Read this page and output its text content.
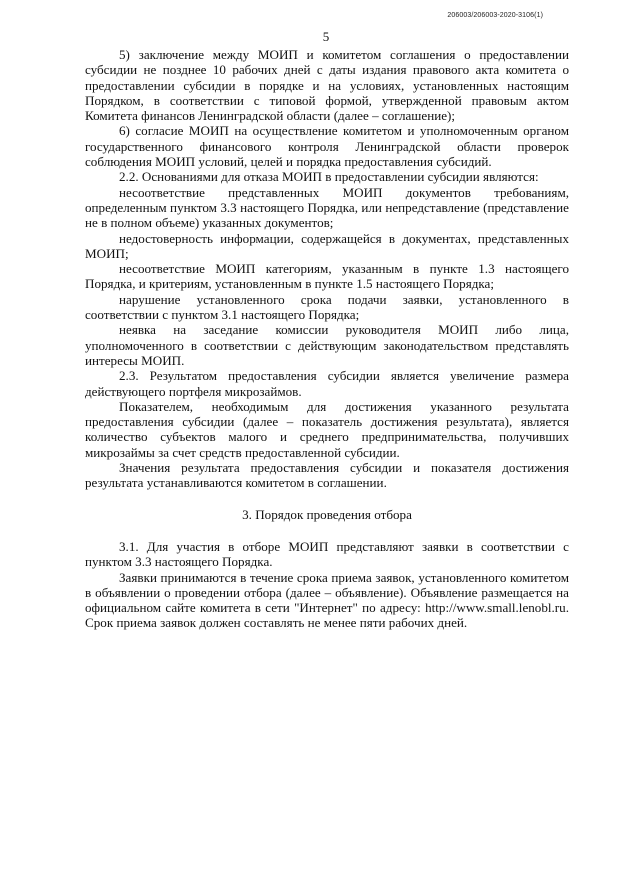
206003/206003-2020-3106(1)
5

5) заключение между МОИП и комитетом соглашения о предоставлении субсидии не позднее 10 рабочих дней с даты издания правового акта комитета о предоставлении субсидии в порядке и на условиях, установленных настоящим Порядком, в соответствии с типовой формой, утвержденной правовым актом Комитета финансов Ленинградской области (далее – соглашение);

6) согласие МОИП на осуществление комитетом и уполномоченным органом государственного финансового контроля Ленинградской области проверок соблюдения МОИП условий, целей и порядка предоставления субсидий.

2.2. Основаниями для отказа МОИП в предоставлении субсидии являются:

несоответствие представленных МОИП документов требованиям, определенным пунктом 3.3 настоящего Порядка, или непредставление (представление не в полном объеме) указанных документов;

недостоверность информации, содержащейся в документах, представленных МОИП;

несоответствие МОИП категориям, указанным в пункте 1.3 настоящего Порядка, и критериям, установленным в пункте 1.5 настоящего Порядка;

нарушение установленного срока подачи заявки, установленного в соответствии с пунктом 3.1 настоящего Порядка;

неявка на заседание комиссии руководителя МОИП либо лица, уполномоченного в соответствии с действующим законодательством представлять интересы МОИП.

2.3. Результатом предоставления субсидии является увеличение размера действующего портфеля микрозаймов.

Показателем, необходимым для достижения указанного результата предоставления субсидии (далее – показатель достижения результата), является количество субъектов малого и среднего предпринимательства, получивших микрозаймы за счет средств предоставленной субсидии.

Значения результата предоставления субсидии и показателя достижения результата устанавливаются комитетом в соглашении.

3. Порядок проведения отбора

3.1. Для участия в отборе МОИП представляют заявки в соответствии с пунктом 3.3 настоящего Порядка.

Заявки принимаются в течение срока приема заявок, установленного комитетом в объявлении о проведении отбора (далее – объявление). Объявление размещается на официальном сайте комитета в сети "Интернет" по адресу: http://www.small.lenobl.ru. Срок приема заявок должен составлять не менее пяти рабочих дней.
